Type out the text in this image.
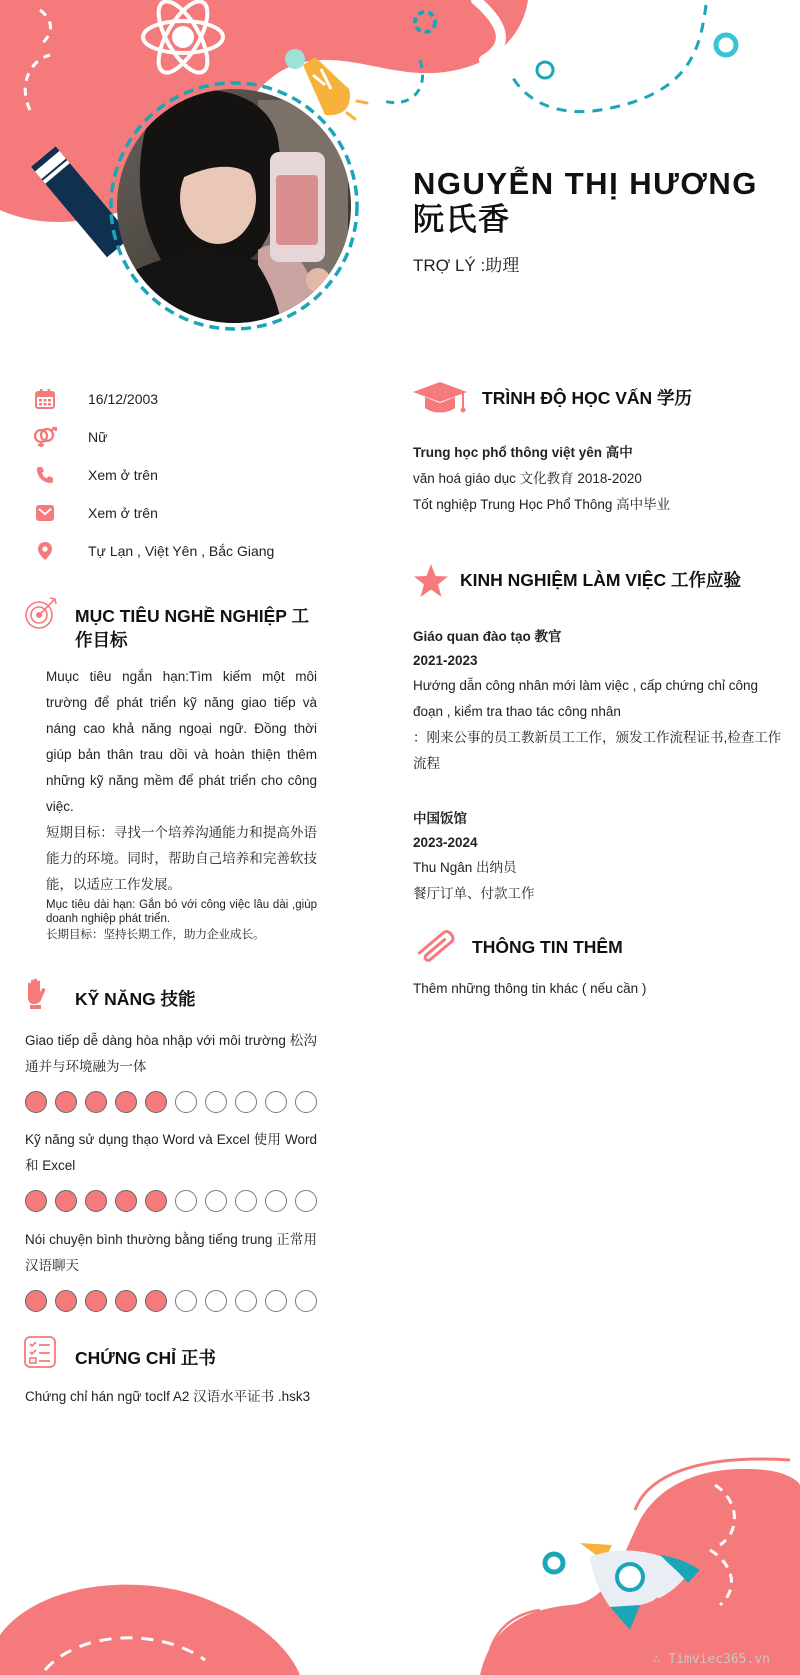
NGUYỄN THỊ HƯƠNG 阮氏香
TRỢ LÝ :助理
16/12/2003
Nữ
Xem ở trên
Xem ở trên
Tự Lạn , Việt Yên , Bắc Giang
MỤC TIÊU NGHỀ NGHIỆP 工作目标
Muục tiêu ngắn hạn:Tìm kiếm một môi trường để phát triển kỹ năng giao tiếp và náng cao khả năng ngoại ngữ. Đồng thời giúp bản thân trau dồi và hoàn thiện thêm những kỹ năng mềm để phát triển cho công việc.
短期目标：寻找一个培养沟通能力和提高外语能力的环境。同时，帮助自己培养和完善软技能，以适应工作发展。
Mục tiêu dài hạn: Gắn bó với công việc lâu dài ,giúp doanh nghiệp phát triển.
长期目标：坚持长期工作，助力企业成长。
KỸ NĂNG 技能
Giao tiếp dễ dàng hòa nhập với môi trường 松沟通并与环境融为一体
Kỹ năng sử dụng thạo Word và Excel 使用 Word 和 Excel
Nói chuyện bình thường bằng tiếng trung 正常用汉语聊天
CHỨNG CHỈ 正书
Chứng chỉ hán ngữ toclf A2 汉语水平证书 .hsk3
TRÌNH ĐỘ HỌC VẤN 学历
Trung học phổ thông việt yên 高中
văn hoá giáo dục 文化教育 2018-2020
Tốt nghiệp Trung Học Phổ Thông 高中毕业
KINH NGHIỆM LÀM VIỆC 工作应验
Giáo quan đào tạo 教官
2021-2023
Hướng dẫn công nhân mới làm việc , cấp chứng chỉ công đoạn , kiểm tra thao tác công nhân
：刚来公事的员工教新员工工作，颁发工作流程证书,检查工作流程
中国饭馆
2023-2024
Thu Ngân 出纳员
餐厅订单、付款工作
THÔNG TIN THÊM
Thêm những thông tin khác ( nếu cần )
∴ Timviec365.vn
